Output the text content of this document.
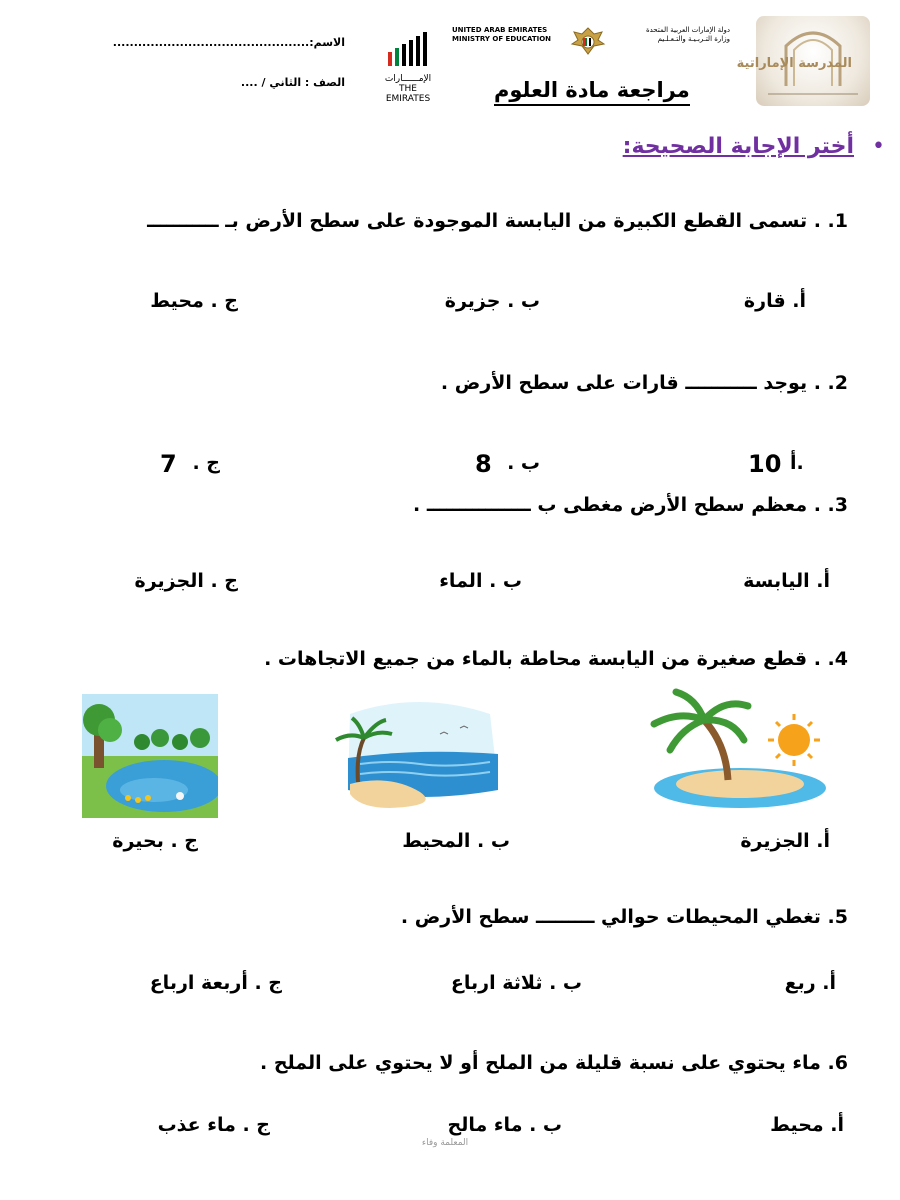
الاسم:...............................................
الصف : الثاني / ....	الإمــــــارات
THE EMIRATES
UNITED ARAB EMIRATES
MINISTRY OF EDUCATION
دولة الإمارات العربية المتحدة
وزارة التـربـيـة والتـعـلـيم
المدرسة الإماراتية
مراجعة مادة العلوم
•
أختر الإجابة الصحيحة:
1. . تسمى القطع الكبيرة من اليابسة الموجودة على سطح الأرض بـ ـــــــــــ
أ. قارة
ب . جزيرة
ج . محيط
2. . يوجد ـــــــــــ قارات على سطح الأرض .
أ.
10
ب .
8
ج .
7
3. . معظم سطح الأرض مغطى ب ــــــــــــــــ .
أ. اليابسة
ب . الماء
ج . الجزيرة
4. . قطع صغيرة من اليابسة محاطة بالماء من جميع الاتجاهات .
أ. الجزيرة
ب . المحيط
ج . بحيرة
5. تغطي المحيطات حوالي ـــــــــ سطح الأرض .
أ. ربع
ب . ثلاثة ارباع
ج . أربعة ارباع
6. ماء يحتوي على نسبة قليلة من الملح أو لا يحتوي على الملح .
أ. محيط
ب . ماء مالح
ج . ماء عذب
المعلمة وفاء
